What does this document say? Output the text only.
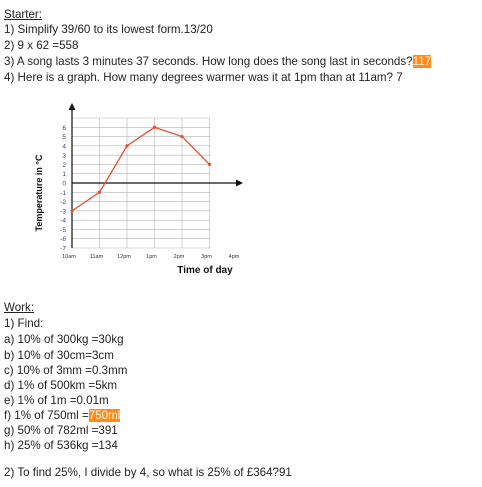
Starter:
1) Simplify 39/60 to its lowest form.13/20
2) 9 x 62 =558
3) A song lasts 3 minutes 37 seconds. How long does the song last in seconds?117
4) Here is a graph. How many degrees warmer was it at 1pm than at 11am? 7
6
5
4
3
2
1
0
-1
-2
-3
-4
-5
-6
-7
10am	11am	12pm	1pm	2pm	3pm	4pm
Temperature in °C
Time of day
Work:
1) Find:
a) 10% of 300kg =30kg
b) 10% of 30cm=3cm
c) 10% of 3mm =0.3mm
d) 1% of 500km =5km
e) 1% of 1m =0.01m
f) 1% of 750ml =750ml
g) 50% of 782ml =391
h) 25% of 536kg =134
2) To find 25%, I divide by 4, so what is 25% of £364?91
